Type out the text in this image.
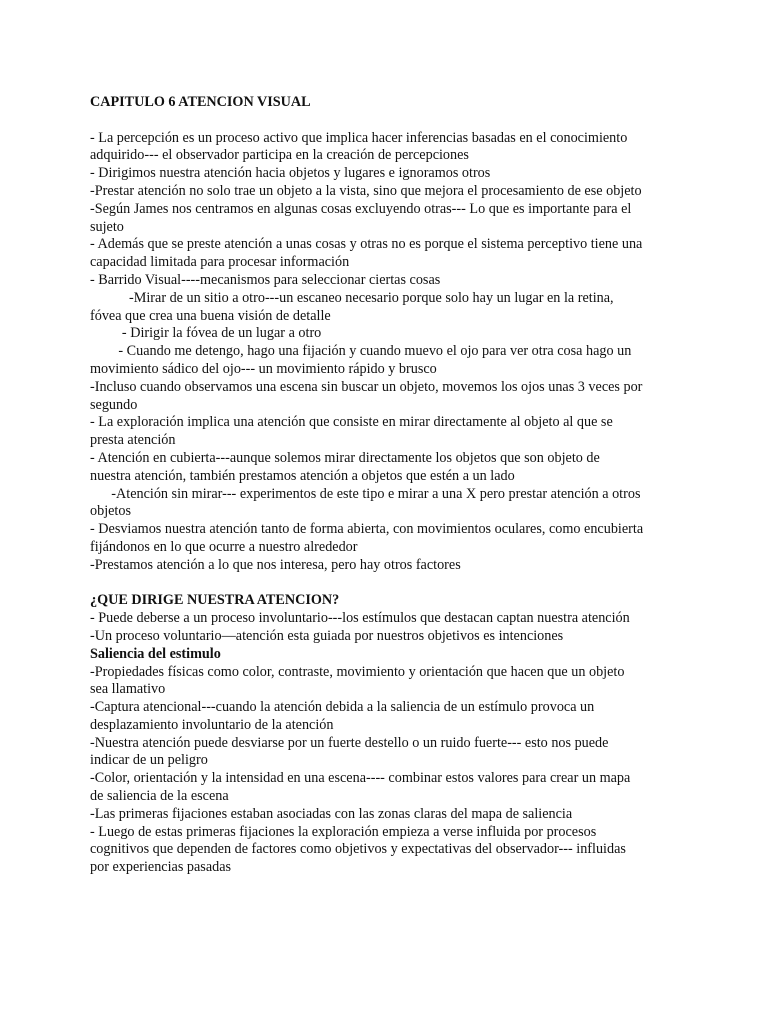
CAPITULO 6 ATENCION VISUAL

- La percepción es un proceso activo que implica hacer inferencias basadas en el conocimiento

adquirido--- el observador participa en la creación de percepciones

- Dirigimos nuestra atención hacia objetos y lugares e ignoramos otros

-Prestar atención no solo trae un objeto a la vista, sino que mejora el procesamiento de ese objeto

-Según James nos centramos en algunas cosas excluyendo otras--- Lo que es importante para el

sujeto

- Además que se preste atención a unas cosas y otras no es porque el sistema perceptivo tiene una

capacidad limitada para procesar información

- Barrido Visual----mecanismos para seleccionar ciertas cosas

-Mirar de un sitio a otro---un escaneo necesario porque solo hay un lugar en la retina,

fóvea que crea una buena visión de detalle

- Dirigir la fóvea de un lugar a otro

- Cuando me detengo, hago una fijación y cuando muevo el ojo para ver otra cosa hago un

movimiento sádico del ojo--- un movimiento rápido y brusco

-Incluso cuando observamos una escena sin buscar un objeto, movemos los ojos unas 3 veces por

segundo

- La exploración implica una atención que consiste en mirar directamente al objeto al que se

presta atención

- Atención en cubierta---aunque solemos mirar directamente los objetos que son objeto de

nuestra atención, también prestamos atención a objetos que estén a un lado

-Atención sin mirar--- experimentos de este tipo e mirar a una X pero prestar atención a otros

objetos

- Desviamos nuestra atención tanto de forma abierta, con movimientos oculares, como encubierta

fijándonos en lo que ocurre a nuestro alrededor

-Prestamos atención a lo que nos interesa, pero hay otros factores

¿QUE DIRIGE NUESTRA ATENCION?

- Puede deberse a un proceso involuntario---los estímulos que destacan captan nuestra atención

-Un proceso voluntario—atención esta guiada por nuestros objetivos es intenciones

Saliencia del estimulo

-Propiedades físicas como color, contraste, movimiento y orientación que hacen que un objeto

sea llamativo

-Captura atencional---cuando la atención debida a la saliencia de un estímulo provoca un

desplazamiento involuntario de la atención

-Nuestra atención puede desviarse por un fuerte destello o un ruido fuerte--- esto nos puede

indicar de un peligro

-Color, orientación y la intensidad en una escena---- combinar estos valores para crear un mapa

de saliencia de la escena

-Las primeras fijaciones estaban asociadas con las zonas claras del mapa de saliencia

- Luego de estas primeras fijaciones la exploración empieza a verse influida por procesos

cognitivos que dependen de factores como objetivos y expectativas del observador--- influidas

por experiencias pasadas
